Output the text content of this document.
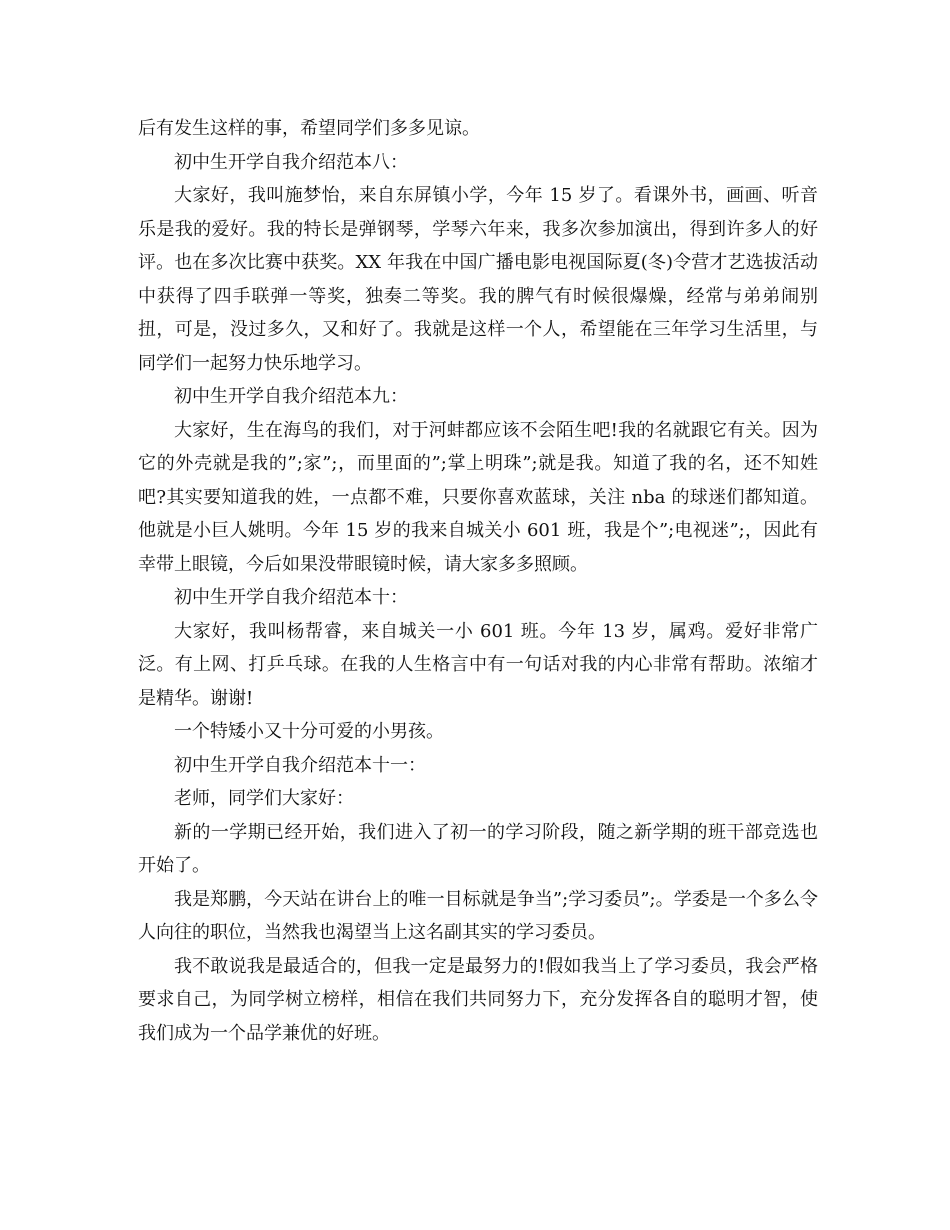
后有发生这样的事，希望同学们多多见谅。

初中生开学自我介绍范本八：

大家好，我叫施梦怡，来自东屏镇小学，今年 15 岁了。看课外书，画画、听音乐是我的爱好。我的特长是弹钢琴，学琴六年来，我多次参加演出，得到许多人的好评。也在多次比赛中获奖。XX 年我在中国广播电影电视国际夏(冬)令营才艺选拔活动中获得了四手联弹一等奖，独奏二等奖。我的脾气有时候很爆燥，经常与弟弟闹别扭，可是，没过多久，又和好了。我就是这样一个人，希望能在三年学习生活里，与同学们一起努力快乐地学习。

初中生开学自我介绍范本九：

大家好，生在海鸟的我们，对于河蚌都应该不会陌生吧!我的名就跟它有关。因为它的外壳就是我的”;家”;，而里面的”;掌上明珠”;就是我。知道了我的名，还不知姓吧?其实要知道我的姓，一点都不难，只要你喜欢蓝球，关注 nba 的球迷们都知道。他就是小巨人姚明。今年 15 岁的我来自城关小 601 班，我是个”;电视迷”;，因此有幸带上眼镜，今后如果没带眼镜时候，请大家多多照顾。

初中生开学自我介绍范本十：

大家好，我叫杨帮睿，来自城关一小 601 班。今年 13 岁，属鸡。爱好非常广泛。有上网、打乒乓球。在我的人生格言中有一句话对我的内心非常有帮助。浓缩才是精华。谢谢!

一个特矮小又十分可爱的小男孩。

初中生开学自我介绍范本十一：

老师，同学们大家好：

新的一学期已经开始，我们进入了初一的学习阶段，随之新学期的班干部竞选也开始了。

我是郑鹏，今天站在讲台上的唯一目标就是争当”;学习委员”;。学委是一个多么令人向往的职位，当然我也渴望当上这名副其实的学习委员。

我不敢说我是最适合的，但我一定是最努力的!假如我当上了学习委员，我会严格要求自己，为同学树立榜样，相信在我们共同努力下，充分发挥各自的聪明才智，使我们成为一个品学兼优的好班。
